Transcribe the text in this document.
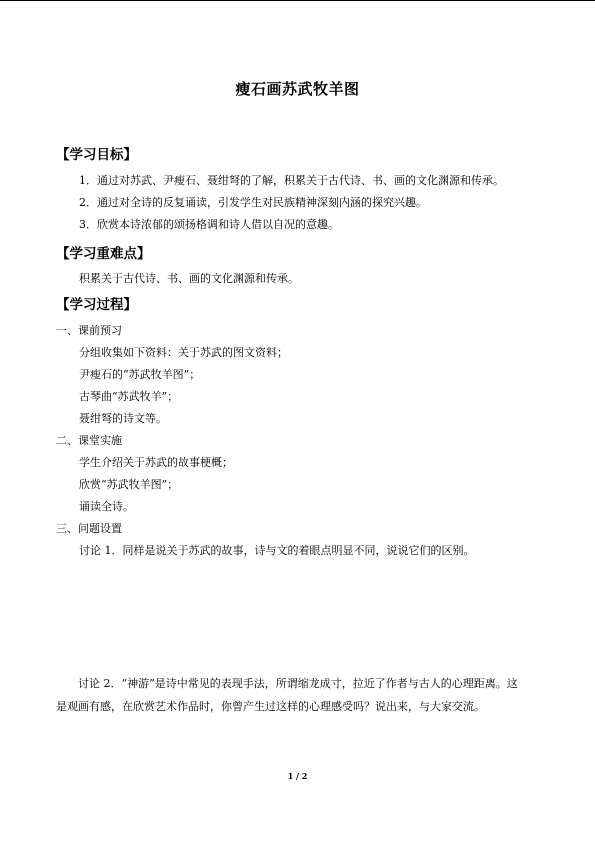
瘦石画苏武牧羊图
【学习目标】
1．通过对苏武、尹瘦石、聂绀弩的了解，积累关于古代诗、书、画的文化渊源和传承。
2．通过对全诗的反复诵读，引发学生对民族精神深刻内涵的探究兴趣。
3．欣赏本诗浓郁的颂扬格调和诗人借以自况的意趣。
【学习重难点】
积累关于古代诗、书、画的文化渊源和传承。
【学习过程】
一、课前预习
分组收集如下资料：关于苏武的图文资料；
尹瘦石的“苏武牧羊图”；
古琴曲“苏武牧羊”；
聂绀弩的诗文等。
二、课堂实施
学生介绍关于苏武的故事梗概；
欣赏“苏武牧羊图”；
诵读全诗。
三、问题设置
讨论 1．同样是说关于苏武的故事，诗与文的着眼点明显不同，说说它们的区别。
讨论 2．“神游”是诗中常见的表现手法，所谓缩龙成寸，拉近了作者与古人的心理距离。这是观画有感，在欣赏艺术作品时，你曾产生过这样的心理感受吗？说出来，与大家交流。
1 / 2
